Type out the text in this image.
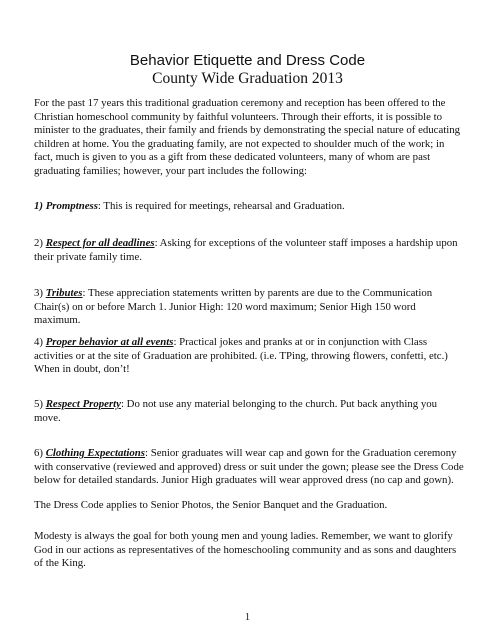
Behavior Etiquette and Dress Code
County Wide Graduation 2013

For the past 17 years this traditional graduation ceremony and reception has been offered to the Christian homeschool community by faithful volunteers. Through their efforts, it is possible to minister to the graduates, their family and friends by demonstrating the special nature of educating children at home. You the graduating family, are not expected to shoulder much of the work; in fact, much is given to you as a gift from these dedicated volunteers, many of whom are past graduating families; however, your part includes the following:

1) Promptness: This is required for meetings, rehearsal and Graduation.

2) Respect for all deadlines: Asking for exceptions of the volunteer staff imposes a hardship upon their private family time.

3) Tributes: These appreciation statements written by parents are due to the Communication Chair(s) on or before March 1. Junior High: 120 word maximum; Senior High 150 word maximum.

4) Proper behavior at all events: Practical jokes and pranks at or in conjunction with Class activities or at the site of Graduation are prohibited. (i.e. TPing, throwing flowers, confetti, etc.) When in doubt, don’t!

5) Respect Property: Do not use any material belonging to the church. Put back anything you move.

6) Clothing Expectations: Senior graduates will wear cap and gown for the Graduation ceremony with conservative (reviewed and approved) dress or suit under the gown; please see the Dress Code below for detailed standards. Junior High graduates will wear approved dress (no cap and gown).

The Dress Code applies to Senior Photos, the Senior Banquet and the Graduation.

Modesty is always the goal for both young men and young ladies. Remember, we want to glorify God in our actions as representatives of the homeschooling community and as sons and daughters of the King.

1
